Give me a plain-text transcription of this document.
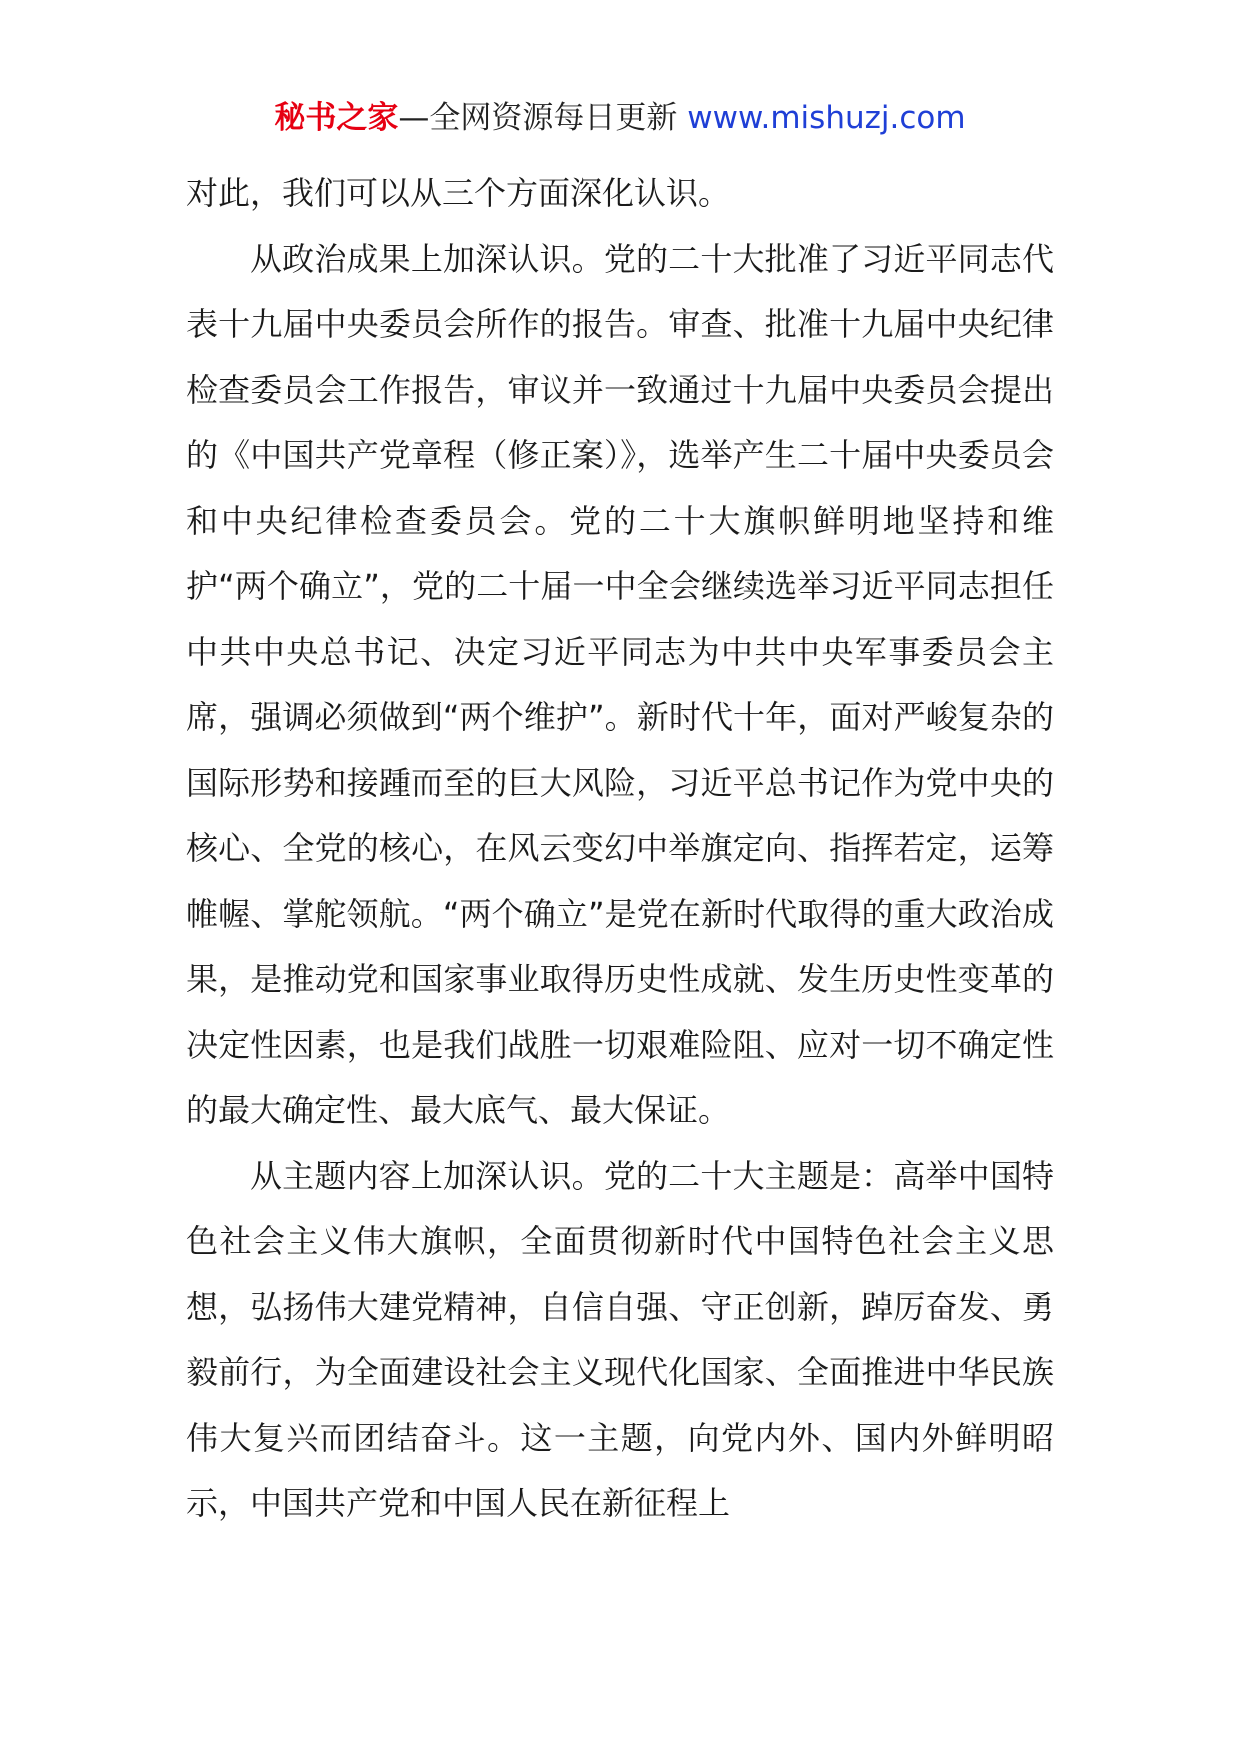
秘书之家—全网资源每日更新 www.mishuzj.com

对此，我们可以从三个方面深化认识。

从政治成果上加深认识。党的二十大批准了习近平同志代表十九届中央委员会所作的报告。审查、批准十九届中央纪律检查委员会工作报告，审议并一致通过十九届中央委员会提出的《中国共产党章程（修正案）》，选举产生二十届中央委员会和中央纪律检查委员会。党的二十大旗帜鲜明地坚持和维护“两个确立”，党的二十届一中全会继续选举习近平同志担任中共中央总书记、决定习近平同志为中共中央军事委员会主席，强调必须做到“两个维护”。新时代十年，面对严峻复杂的国际形势和接踵而至的巨大风险，习近平总书记作为党中央的核心、全党的核心，在风云变幻中举旗定向、指挥若定，运筹帷幄、掌舵领航。“两个确立”是党在新时代取得的重大政治成果，是推动党和国家事业取得历史性成就、发生历史性变革的决定性因素，也是我们战胜一切艰难险阻、应对一切不确定性的最大确定性、最大底气、最大保证。

从主题内容上加深认识。党的二十大主题是：高举中国特色社会主义伟大旗帜，全面贯彻新时代中国特色社会主义思想，弘扬伟大建党精神，自信自强、守正创新，踔厉奋发、勇毅前行，为全面建设社会主义现代化国家、全面推进中华民族伟大复兴而团结奋斗。这一主题，向党内外、国内外鲜明昭示，中国共产党和中国人民在新征程上
